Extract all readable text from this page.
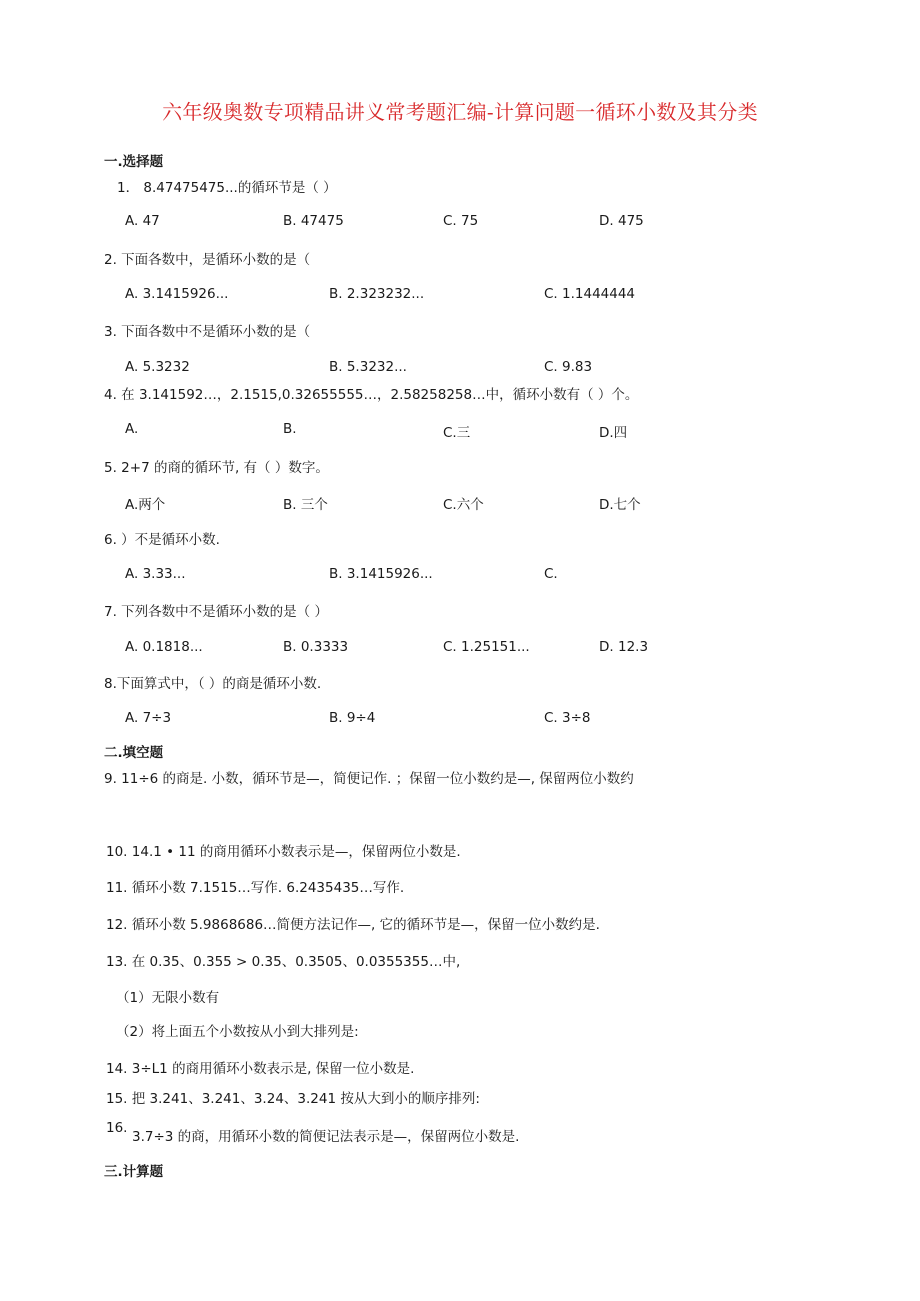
六年级奥数专项精品讲义常考题汇编-计算问题一循环小数及其分类
一.选择题
1． 8.47475475...的循环节是（ ）
A. 47	B. 47475	C. 75	D. 475
2. 下面各数中，是循环小数的是（
A. 3.1415926...	B. 2.323232...	C. 1.1444444
3. 下面各数中不是循环小数的是（
A. 5.3232	B. 5.3232...	C. 9.83
4. 在 3.141592…，2.1515,0.32655555…，2.58258258…中，循环小数有（ ）个。
A.	B.	C.三	D.四
5. 2+7 的商的循环节, 有（ ）数字。
A.两个	B. 三个	C.六个	D.七个
6. ）不是循环小数.
A. 3.33...	B. 3.1415926...	C.
7. 下列各数中不是循环小数的是（ ）
A. 0.1818...	B. 0.3333	C. 1.25151...	D. 12.3
8.下面算式中，（ ）的商是循环小数.
A. 7÷3	B. 9÷4	C. 3÷8
二.填空题
9. 11÷6 的商是. 小数，循环节是—，简便记作. ；保留一位小数约是—, 保留两位小数约
10. 14.1 • 11 的商用循环小数表示是—，保留两位小数是.
11. 循环小数 7.1515…写作. 6.2435435…写作.
12. 循环小数 5.9868686…简便方法记作—, 它的循环节是—，保留一位小数约是.
13. 在 0.35、0.355 > 0.35、0.3505、0.0355355…中,
（1）无限小数有
（2）将上面五个小数按从小到大排列是:
14. 3÷L1 的商用循环小数表示是, 保留一位小数是.
15. 把 3.241、3.241、3.24、3.241 按从大到小的顺序排列:
16.
3.7÷3 的商，用循环小数的简便记法表示是—，保留两位小数是.
三.计算题
